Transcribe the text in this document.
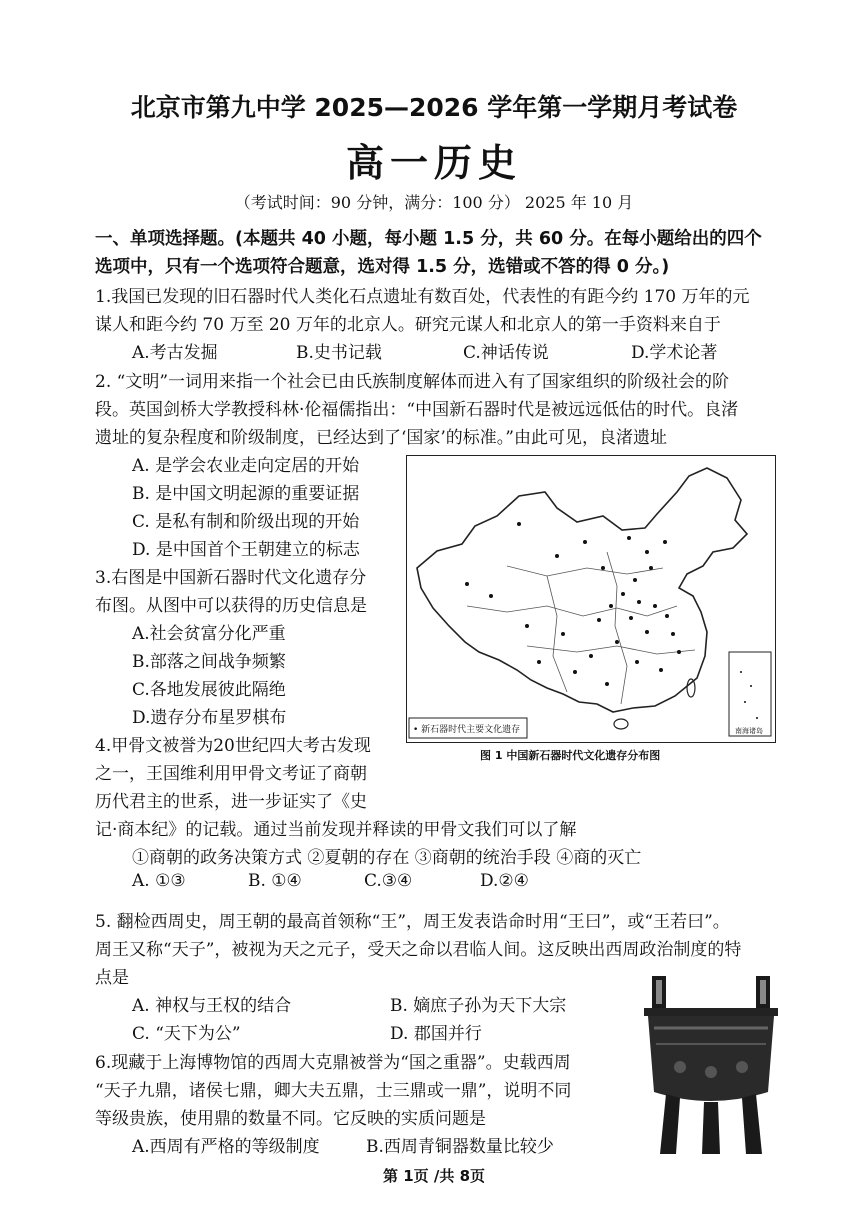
北京市第九中学 2025—2026 学年第一学期月考试卷
高一历史
（考试时间：90 分钟，满分：100 分） 2025 年 10 月
一、单项选择题。(本题共 40 小题，每小题 1.5 分，共 60 分。在每小题给出的四个
选项中，只有一个选项符合题意，选对得 1.5 分，选错或不答的得 0 分。)
1.我国已发现的旧石器时代人类化石点遗址有数百处，代表性的有距今约 170 万年的元
谋人和距今约 70 万至 20 万年的北京人。研究元谋人和北京人的第一手资料来自于
A.考古发掘	B.史书记载	C.神话传说	D.学术论著
2. “文明”一词用来指一个社会已由氏族制度解体而进入有了国家组织的阶级社会的阶
段。英国剑桥大学教授科林·伦福儒指出：“中国新石器时代是被远远低估的时代。良渚
遗址的复杂程度和阶级制度，已经达到了‘国家’的标准。”由此可见，良渚遗址
A. 是学会农业走向定居的开始
B. 是中国文明起源的重要证据
C. 是私有制和阶级出现的开始
D. 是中国首个王朝建立的标志
3.右图是中国新石器时代文化遗存分
布图。从图中可以获得的历史信息是
A.社会贫富分化严重
B.部落之间战争频繁
C.各地发展彼此隔绝
D.遗存分布星罗棋布
• 新石器时代主要文化遗存	南海诸岛
图 1 中国新石器时代文化遗存分布图
4.甲骨文被誉为20世纪四大考古发现
之一，王国维利用甲骨文考证了商朝
历代君主的世系，进一步证实了《史
记·商本纪》的记载。通过当前发现并释读的甲骨文我们可以了解
①商朝的政务决策方式 ②夏朝的存在 ③商朝的统治手段 ④商的灭亡
A. ①③	B. ①④	C.③④	D.②④
5. 翻检西周史，周王朝的最高首领称“王”，周王发表诰命时用“王曰”，或“王若曰”。
周王又称“天子”，被视为天之元子，受天之命以君临人间。这反映出西周政治制度的特
点是
A. 神权与王权的结合	B. 嫡庶子孙为天下大宗
C. “天下为公”	D. 郡国并行
6.现藏于上海博物馆的西周大克鼎被誉为“国之重器”。史载西周
“天子九鼎，诸侯七鼎，卿大夫五鼎，士三鼎或一鼎”，说明不同
等级贵族，使用鼎的数量不同。它反映的实质问题是
A.西周有严格的等级制度	B.西周青铜器数量比较少
第 1页 /共 8页
